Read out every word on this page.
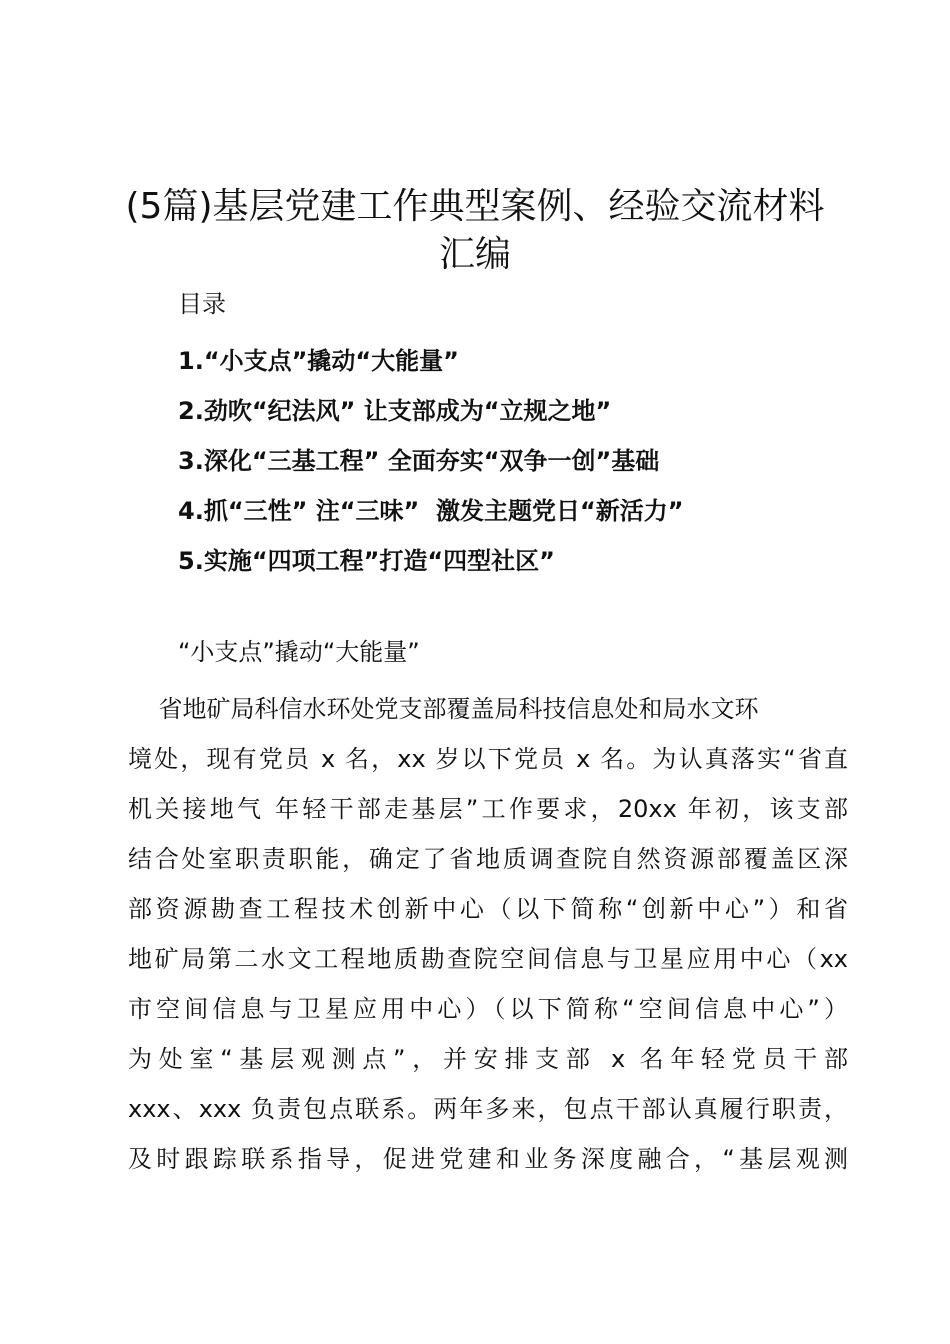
(5篇)基层党建工作典型案例、经验交流材料
汇编
目录
1.“小支点”撬动“大能量”
2.劲吹“纪法风” 让支部成为“立规之地”
3.深化“三基工程” 全面夯实“双争一创”基础
4.抓“三性” 注“三味”  激发主题党日“新活力”
5.实施“四项工程”打造“四型社区”
“小支点”撬动“大能量”
省地矿局科信水环处党支部覆盖局科技信息处和局水文环
境处，现有党员 x 名，xx 岁以下党员 x 名。为认真落实“省直
机关接地气 年轻干部走基层”工作要求，20xx 年初，该支部
结合处室职责职能，确定了省地质调查院自然资源部覆盖区深
部资源勘查工程技术创新中心（以下简称“创新中心”）和省
地矿局第二水文工程地质勘查院空间信息与卫星应用中心（xx
市空间信息与卫星应用中心）（以下简称“空间信息中心”）
为处室“基层观测点”，并安排支部 x 名年轻党员干部
xxx、xxx 负责包点联系。两年多来，包点干部认真履行职责，
及时跟踪联系指导，促进党建和业务深度融合，“基层观测
